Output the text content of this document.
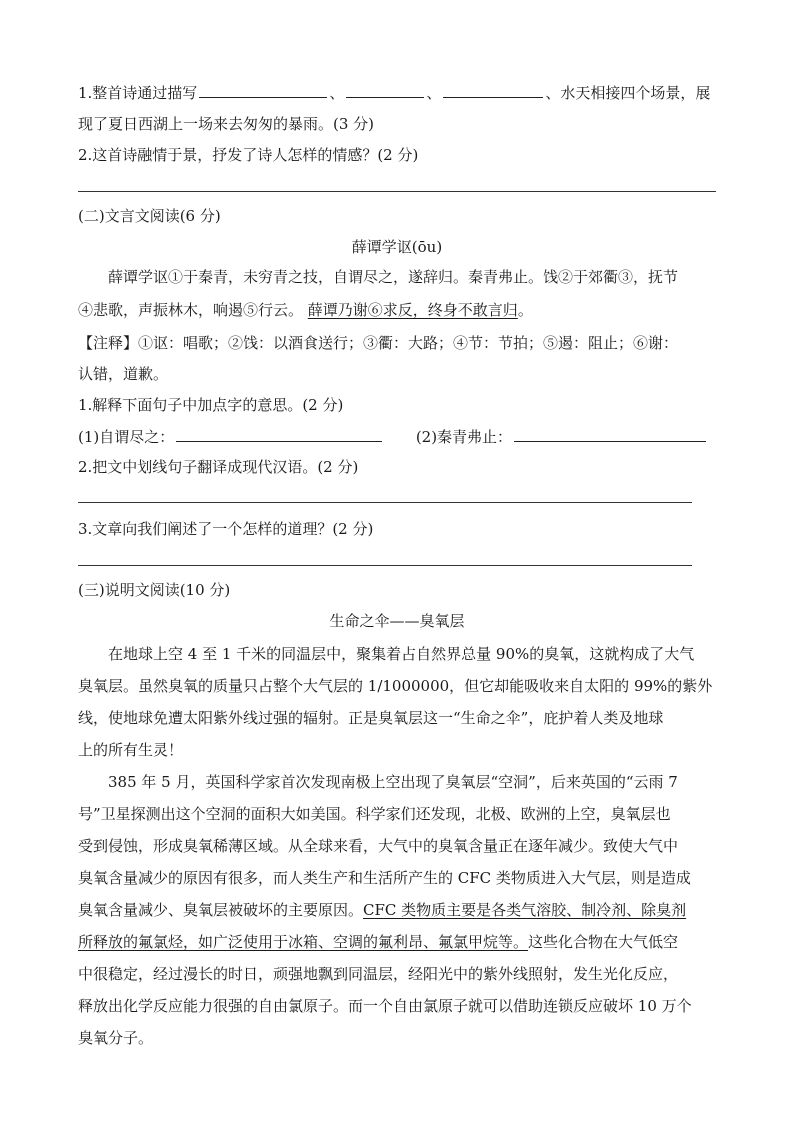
1.整首诗通过描写	、	、	、水天相接四个场景，展
现了夏日西湖上一场来去匆匆的暴雨。(3 分)
2.这首诗融情于景，抒发了诗人怎样的情感？(2 分)
(二)文言文阅读(6 分)
薛谭学讴(ōu)
薛谭学讴①于秦青，未穷青之技，自谓尽之，遂辞归。秦青弗止。饯②于郊衢③，抚节
④悲歌，声振林木，响遏⑤行云。 薛谭乃谢⑥求反，终身不敢言归。
【注释】①讴：唱歌；②饯：以酒食送行；③衢：大路；④节：节拍；⑤遏：阻止；⑥谢：
认错，道歉。
1.解释下面句子中加点字的意思。(2 分)
(1)自谓尽之：	(2)秦青弗止：
2.把文中划线句子翻译成现代汉语。(2 分)
3.文章向我们阐述了一个怎样的道理？(2 分)
(三)说明文阅读(10 分)
生命之伞——臭氧层
在地球上空 4 至 1 千米的同温层中，聚集着占自然界总量 90%的臭氧，这就构成了大气
臭氧层。虽然臭氧的质量只占整个大气层的 1/1000000，但它却能吸收来自太阳的 99%的紫外
线，使地球免遭太阳紫外线过强的辐射。正是臭氧层这一“生命之伞”，庇护着人类及地球
上的所有生灵！
385 年 5 月，英国科学家首次发现南极上空出现了臭氧层“空洞”，后来英国的“云雨 7
号”卫星探测出这个空洞的面积大如美国。科学家们还发现，北极、欧洲的上空，臭氧层也
受到侵蚀，形成臭氧稀薄区域。从全球来看，大气中的臭氧含量正在逐年减少。致使大气中
臭氧含量减少的原因有很多，而人类生产和生活所产生的 CFC 类物质进入大气层，则是造成
臭氧含量减少、臭氧层被破坏的主要原因。CFC 类物质主要是各类气溶胶、制冷剂、除臭剂
所释放的氟氯烃，如广泛使用于冰箱、空调的氟利昂、氟氯甲烷等。这些化合物在大气低空
中很稳定，经过漫长的时日，顽强地飘到同温层，经阳光中的紫外线照射，发生光化反应，
释放出化学反应能力很强的自由氯原子。而一个自由氯原子就可以借助连锁反应破坏 10 万个
臭氧分子。
